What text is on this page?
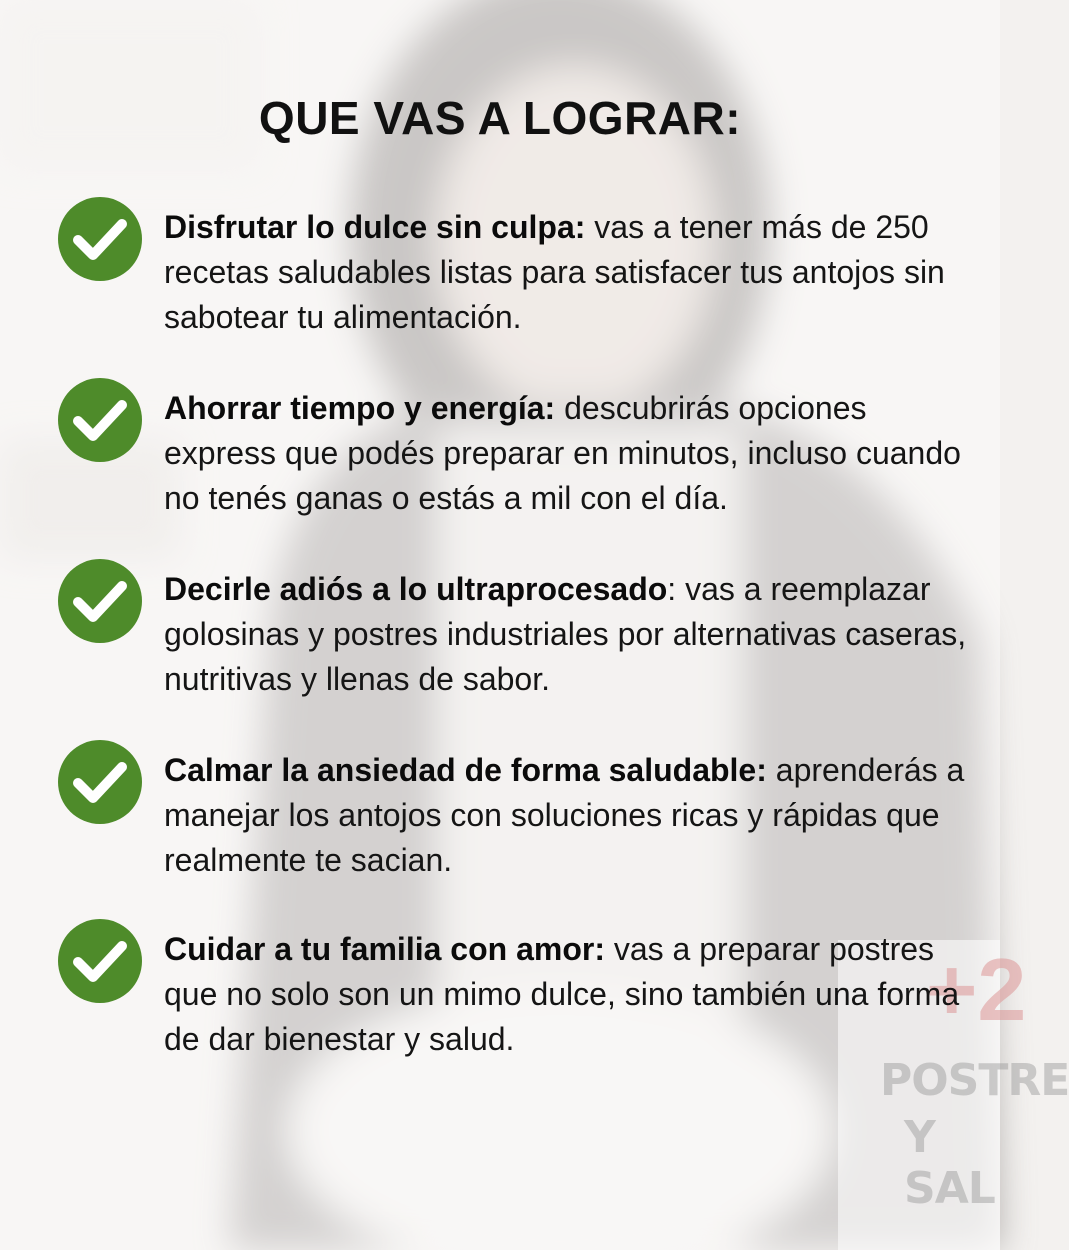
+2
POSTRE
Y SAL
QUE VAS A LOGRAR:
Disfrutar lo dulce sin culpa: vas a tener más de 250 recetas saludables listas para satisfacer tus antojos sin sabotear tu alimentación.
Ahorrar tiempo y energía: descubrirás opciones express que podés preparar en minutos, incluso cuando no tenés ganas o estás a mil con el día.
Decirle adiós a lo ultraprocesado: vas a reemplazar golosinas y postres industriales por alternativas caseras, nutritivas y llenas de sabor.
Calmar la ansiedad de forma saludable: aprenderás a manejar los antojos con soluciones ricas y rápidas que realmente te sacian.
Cuidar a tu familia con amor: vas a preparar postres que no solo son un mimo dulce, sino también una forma de dar bienestar y salud.
